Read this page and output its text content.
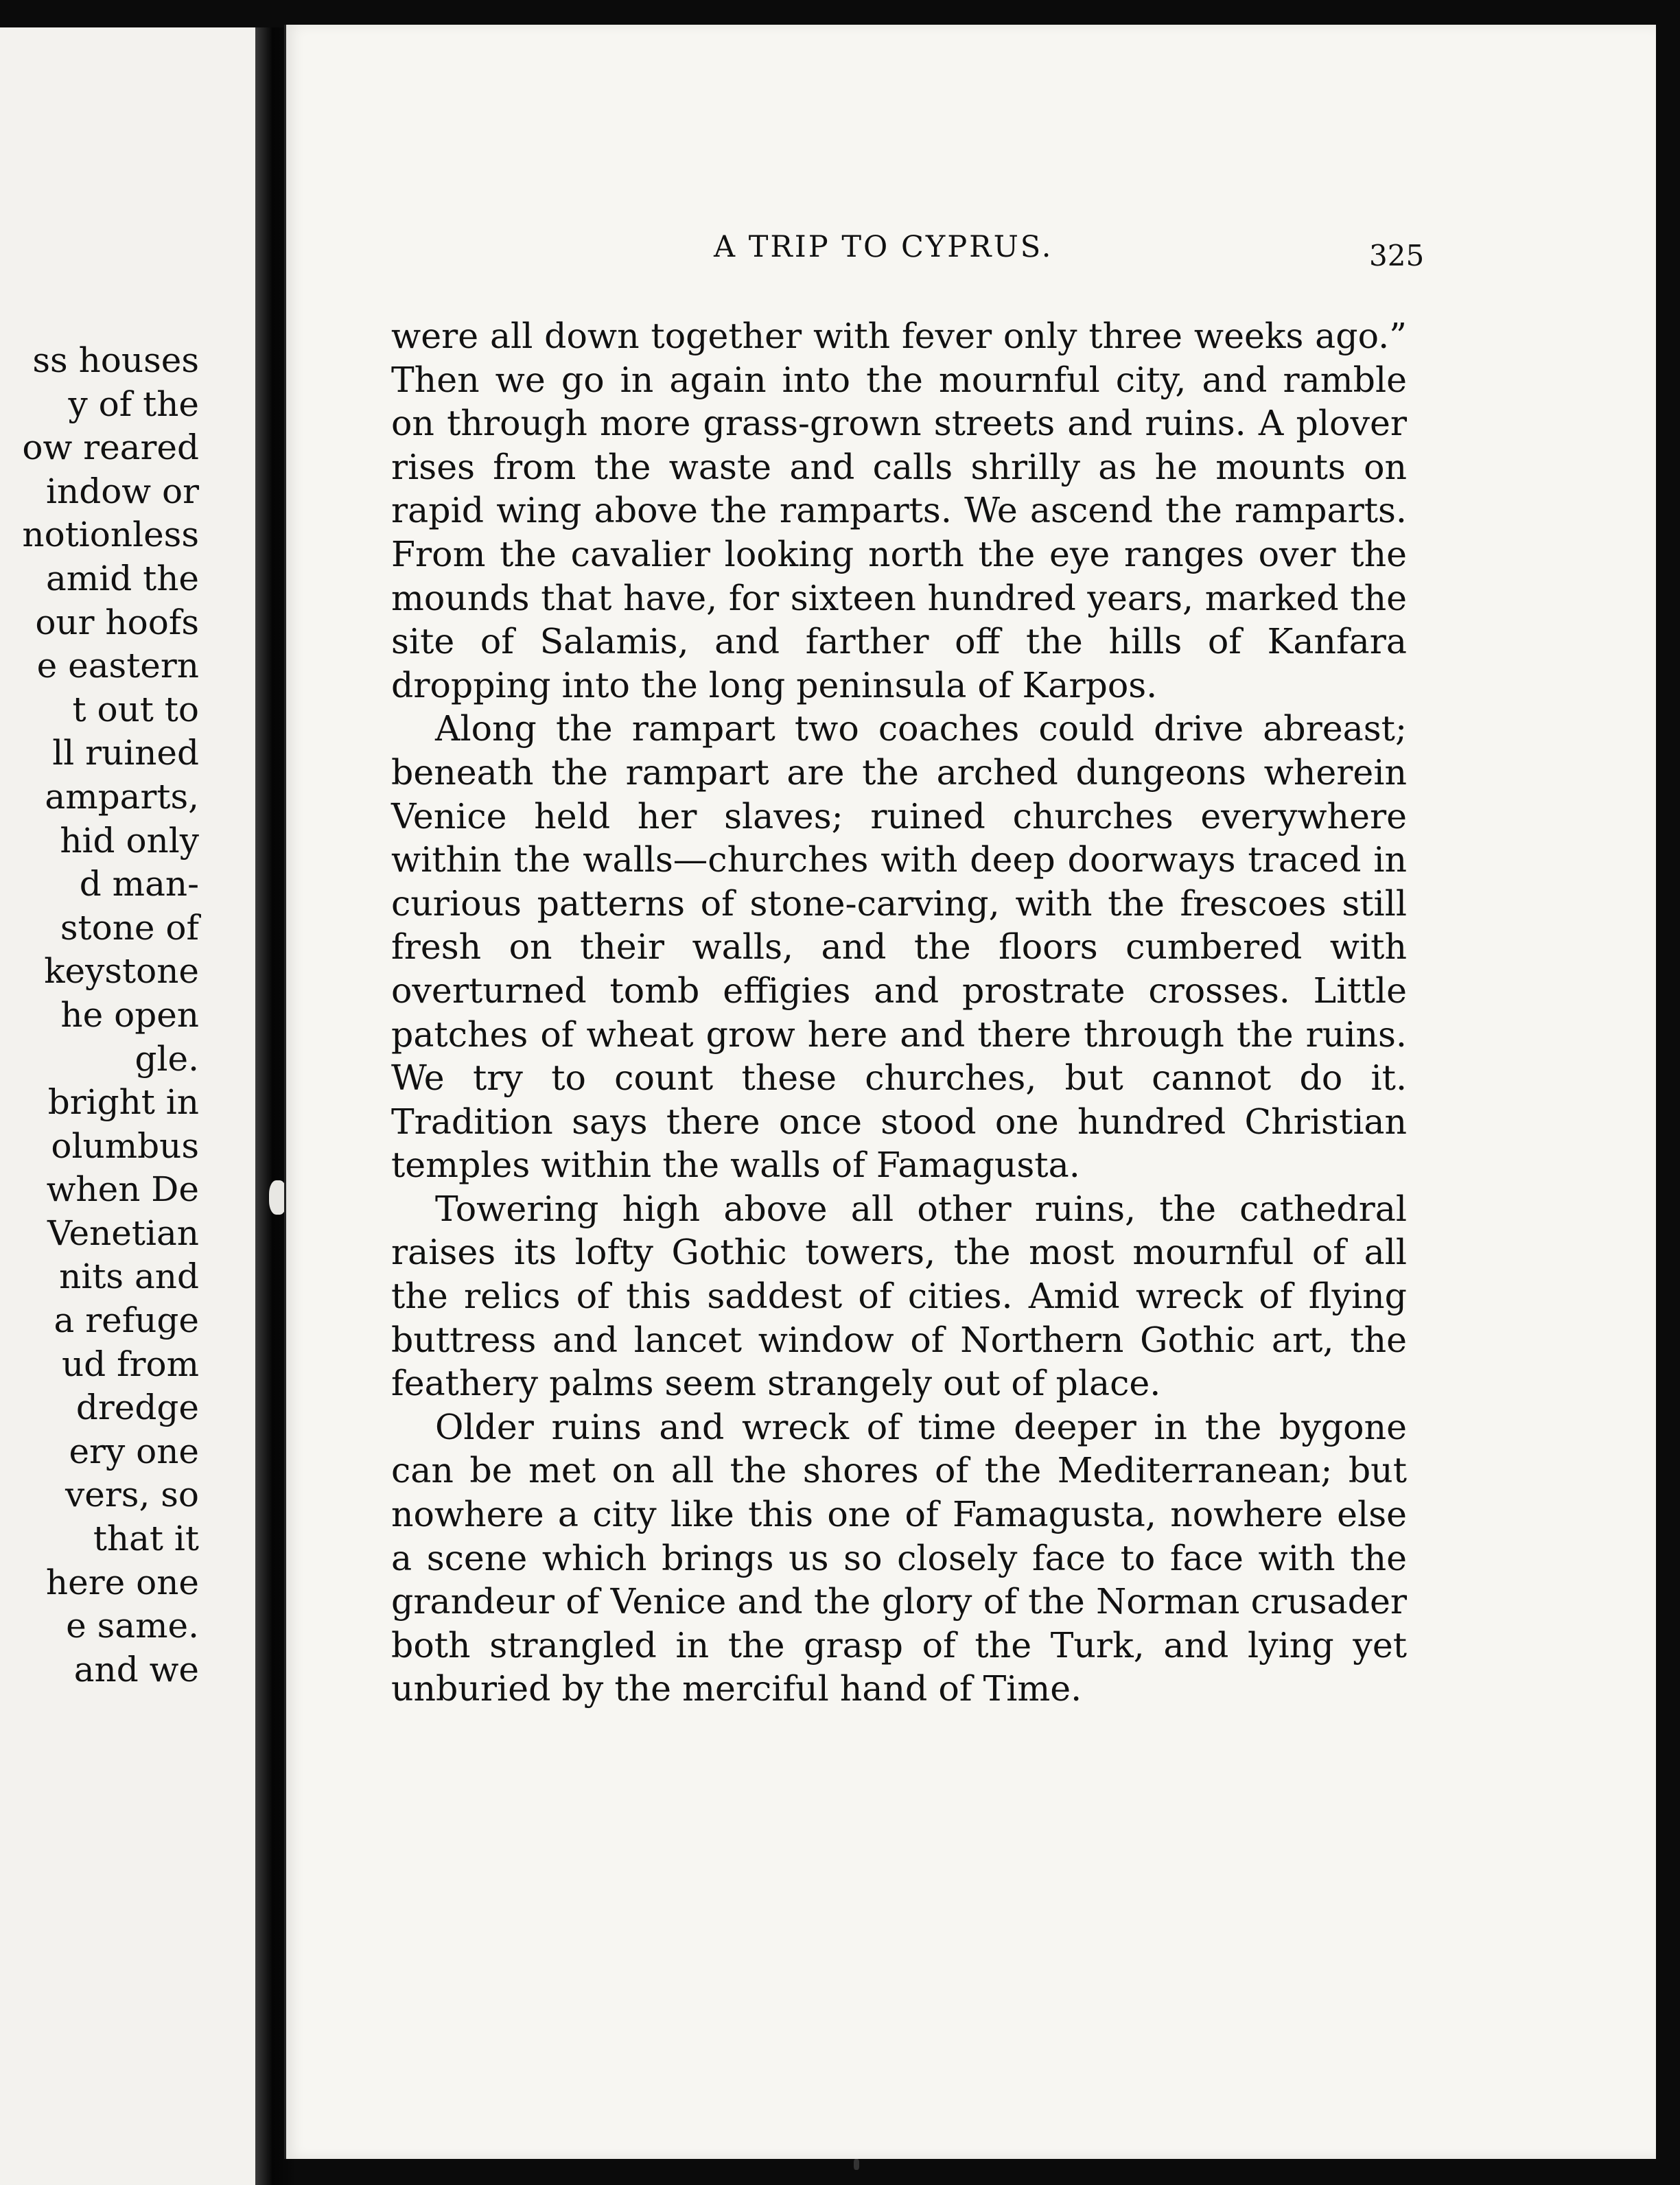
ss houses
y of the
ow reared
indow or
notionless
amid the
our hoofs
e eastern
t out to
ll ruined
amparts,
hid only
d man-
stone of
keystone
he open
gle.
bright in
olumbus
when De
Venetian
nits and
a refuge
ud from
dredge
ery one
vers, so
that it
here one
e same.
and we
A TRIP TO CYPRUS.	325

were all down together with fever only three weeks ago.” Then we go in again into the mournful city, and ramble on through more grass-grown streets and ruins. A plover rises from the waste and calls shrilly as he mounts on rapid wing above the ramparts. We ascend the ramparts. From the cavalier looking north the eye ranges over the mounds that have, for sixteen hundred years, marked the site of Salamis, and farther off the hills of Kanfara dropping into the long peninsula of Karpos.

Along the rampart two coaches could drive abreast; beneath the rampart are the arched dungeons wherein Venice held her slaves; ruined churches everywhere within the walls—churches with deep doorways traced in curious patterns of stone-carving, with the frescoes still fresh on their walls, and the floors cumbered with overturned tomb effigies and prostrate crosses. Little patches of wheat grow here and there through the ruins. We try to count these churches, but cannot do it. Tradition says there once stood one hundred Christian temples within the walls of Famagusta.

Towering high above all other ruins, the cathedral raises its lofty Gothic towers, the most mournful of all the relics of this saddest of cities. Amid wreck of flying buttress and lancet window of Northern Gothic art, the feathery palms seem strangely out of place.

Older ruins and wreck of time deeper in the bygone can be met on all the shores of the Mediterranean; but nowhere a city like this one of Famagusta, nowhere else a scene which brings us so closely face to face with the grandeur of Venice and the glory of the Norman crusader both strangled in the grasp of the Turk, and lying yet unburied by the merciful hand of Time.
